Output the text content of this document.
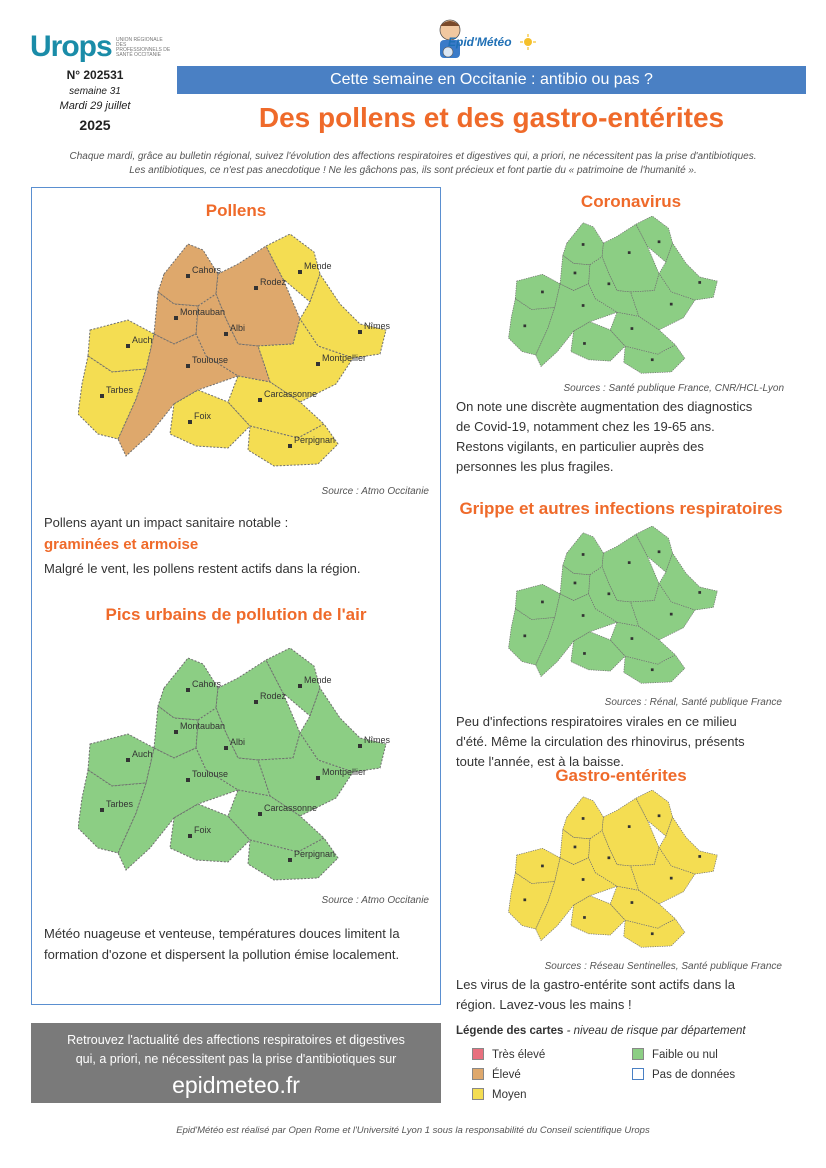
Urops UNION RÉGIONALE DES PROFESSIONNELS DE SANTÉ OCCITANIE
Epid'Météo
N° 202531
semaine 31
Mardi 29 juillet
2025
Cette semaine en Occitanie : antibio ou pas ?
Des pollens et des gastro-entérites
Chaque mardi, grâce au bulletin régional, suivez l'évolution des affections respiratoires et digestives qui, a priori, ne nécessitent pas la prise d'antibiotiques.
Les antibiotiques, ce n'est pas anecdotique ! Ne les gâchons pas, ils sont précieux et font partie du « patrimoine de l'humanité ».
Pollens
Cahors
Rodez
Mende
Montauban
Albi	Nîmes
Auch
Toulouse	Montpellier
Tarbes
Foix
Carcassonne
Perpignan
Source : Atmo Occitanie
Pollens ayant un impact sanitaire notable :
graminées et armoise
Malgré le vent, les pollens restent actifs dans la région.
Pics urbains de pollution de l'air
Cahors
Rodez
Mende
Montauban
Albi	Nîmes
Auch
Toulouse	Montpellier
Tarbes
Foix
Carcassonne
Perpignan
Source : Atmo Occitanie
Météo nuageuse et venteuse, températures douces limitent la
formation d'ozone et dispersent la pollution émise localement.
Coronavirus
Sources : Santé publique France, CNR/HCL-Lyon
On note une discrète augmentation des diagnostics
de Covid-19, notamment chez les 19-65 ans.
Restons vigilants, en particulier auprès des
personnes les plus fragiles.
Grippe et autres infections respiratoires
Sources : Rénal, Santé publique France
Peu d'infections respiratoires virales en ce milieu
d'été. Même la circulation des rhinovirus, présents
toute l'année, est à la baisse.
Gastro-entérites
Sources : Réseau Sentinelles, Santé publique France
Les virus de la gastro-entérite sont actifs dans la
région. Lavez-vous les mains !
Retrouvez l'actualité des affections respiratoires et digestives
qui, a priori, ne nécessitent pas la prise d'antibiotiques sur
epidmeteo.fr
Légende des cartes - niveau de risque par département
Très élevé
Élevé
Moyen
Faible ou nul
Pas de données
Epid'Météo est réalisé par Open Rome et l'Université Lyon 1 sous la responsabilité du Conseil scientifique Urops
